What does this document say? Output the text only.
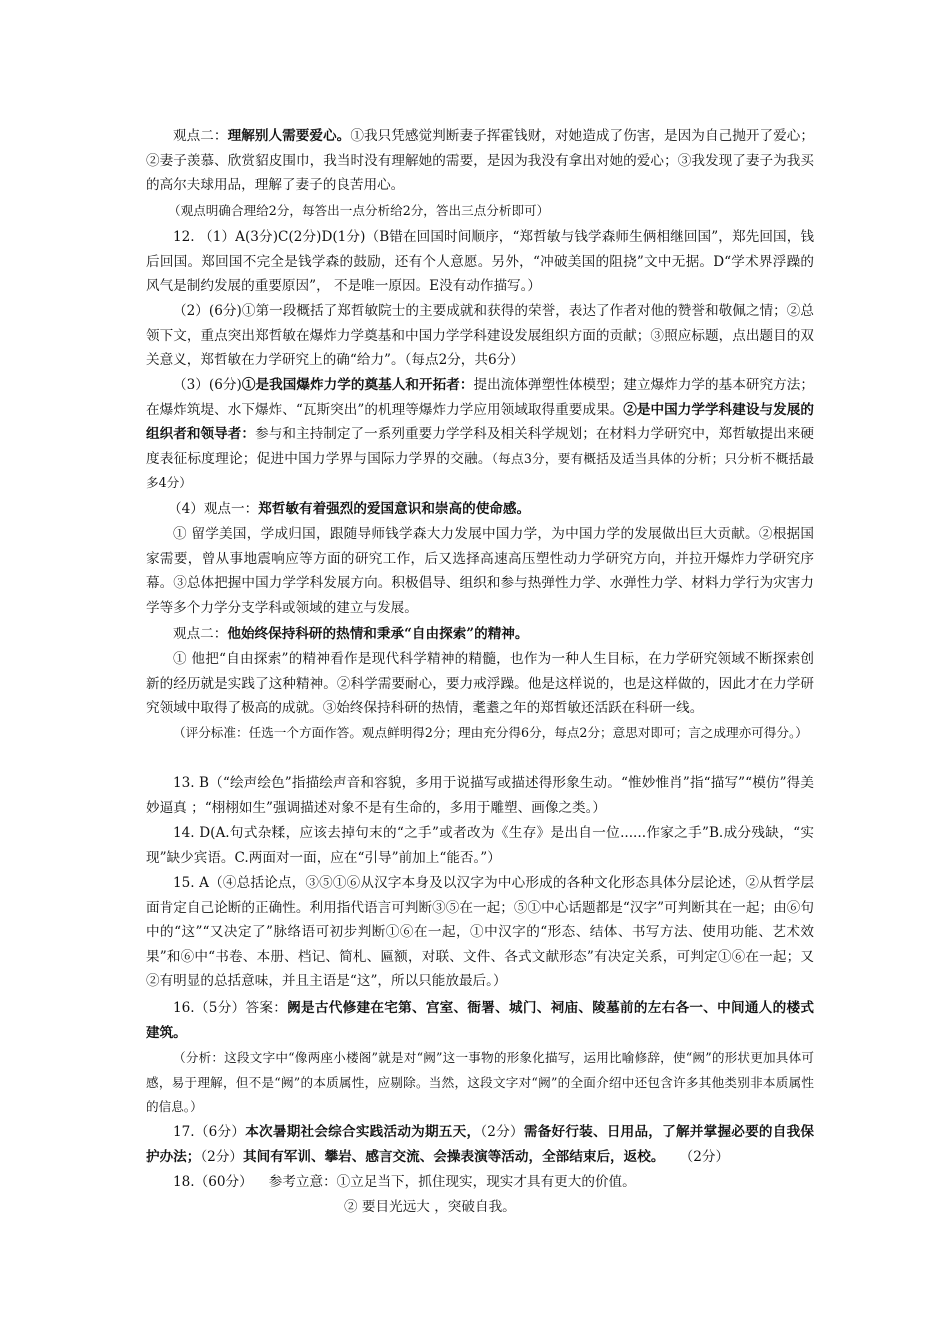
观点二：理解别人需要爱心。①我只凭感觉判断妻子挥霍钱财，对她造成了伤害，是因为自己抛开了爱心；②妻子羡慕、欣赏貂皮围巾，我当时没有理解她的需要，是因为我没有拿出对她的爱心；③我发现了妻子为我买的高尔夫球用品，理解了妻子的良苦用心。

（观点明确合理给2分，每答出一点分析给2分，答出三点分析即可）

12. （1）A(3分)C(2分)D(1分)（B错在回国时间顺序，“郑哲敏与钱学森师生俩相继回国”，郑先回国，钱后回国。郑回国不完全是钱学森的鼓励，还有个人意愿。另外，“冲破美国的阻挠”文中无据。D“学术界浮躁的风气是制约发展的重要原因”， 不是唯一原因。E没有动作描写。）

（2）(6分)①第一段概括了郑哲敏院士的主要成就和获得的荣誉，表达了作者对他的赞誉和敬佩之情；②总领下文，重点突出郑哲敏在爆炸力学奠基和中国力学学科建设发展组织方面的贡献；③照应标题，点出题目的双关意义，郑哲敏在力学研究上的确“给力”。（每点2分，共6分）

（3）(6分)①是我国爆炸力学的奠基人和开拓者：提出流体弹塑性体模型；建立爆炸力学的基本研究方法；在爆炸筑堤、水下爆炸、“瓦斯突出”的机理等爆炸力学应用领域取得重要成果。②是中国力学学科建设与发展的组织者和领导者：参与和主持制定了一系列重要力学学科及相关科学规划；在材料力学研究中，郑哲敏提出来硬度表征标度理论；促进中国力学界与国际力学界的交融。（每点3分，要有概括及适当具体的分析；只分析不概括最多4分）

（4）观点一：郑哲敏有着强烈的爱国意识和崇高的使命感。

① 留学美国，学成归国，跟随导师钱学森大力发展中国力学，为中国力学的发展做出巨大贡献。②根据国家需要，曾从事地震响应等方面的研究工作，后又选择高速高压塑性动力学研究方向，并拉开爆炸力学研究序幕。③总体把握中国力学学科发展方向。积极倡导、组织和参与热弹性力学、水弹性力学、材料力学行为灾害力学等多个力学分支学科或领域的建立与发展。

观点二：他始终保持科研的热情和秉承“自由探索”的精神。

① 他把“自由探索”的精神看作是现代科学精神的精髓，也作为一种人生目标，在力学研究领域不断探索创新的经历就是实践了这种精神。②科学需要耐心，要力戒浮躁。他是这样说的，也是这样做的，因此才在力学研究领域中取得了极高的成就。③始终保持科研的热情，耄耋之年的郑哲敏还活跃在科研一线。

（评分标准：任选一个方面作答。观点鲜明得2分；理由充分得6分，每点2分；意思对即可；言之成理亦可得分。）

13. B（“绘声绘色”指描绘声音和容貌，多用于说描写或描述得形象生动。“惟妙惟肖”指“描写”“模仿”得美妙逼真 ；“栩栩如生”强调描述对象不是有生命的，多用于雕塑、画像之类。）

14. D(A.句式杂糅，应该去掉句末的“之手”或者改为《生存》是出自一位......作家之手”B.成分残缺，“实现”缺少宾语。C.两面对一面，应在“引导”前加上“能否。”）

15. A（④总括论点，③⑤①⑥从汉字本身及以汉字为中心形成的各种文化形态具体分层论述，②从哲学层面肯定自己论断的正确性。利用指代语言可判断③⑤在一起；⑤①中心话题都是“汉字”可判断其在一起；由⑥句中的“这”“又决定了”脉络语可初步判断①⑥在一起，①中汉字的“形态、结体、书写方法、使用功能、艺术效果”和⑥中“书卷、本册、档记、简札、匾额，对联、文件、各式文献形态”有决定关系，可判定①⑥在一起；又②有明显的总括意味，并且主语是“这”，所以只能放最后。）

16.（5分）答案：阙是古代修建在宅第、宫室、衙署、城门、祠庙、陵墓前的左右各一、中间通人的楼式建筑。

（分析：这段文字中“像两座小楼阁”就是对“阙”这一事物的形象化描写，运用比喻修辞，使“阙”的形状更加具体可感，易于理解，但不是“阙”的本质属性，应剔除。当然，这段文字对“阙”的全面介绍中还包含许多其他类别非本质属性的信息。）

17.（6分）本次暑期社会综合实践活动为期五天，（2分）需备好行装、日用品，了解并掌握必要的自我保护办法；（2分）其间有军训、攀岩、感言交流、会操表演等活动，全部结束后，返校。 （2分）

18.（60分） 参考立意：①立足当下，抓住现实，现实才具有更大的价值。

② 要目光远大 ，突破自我。
